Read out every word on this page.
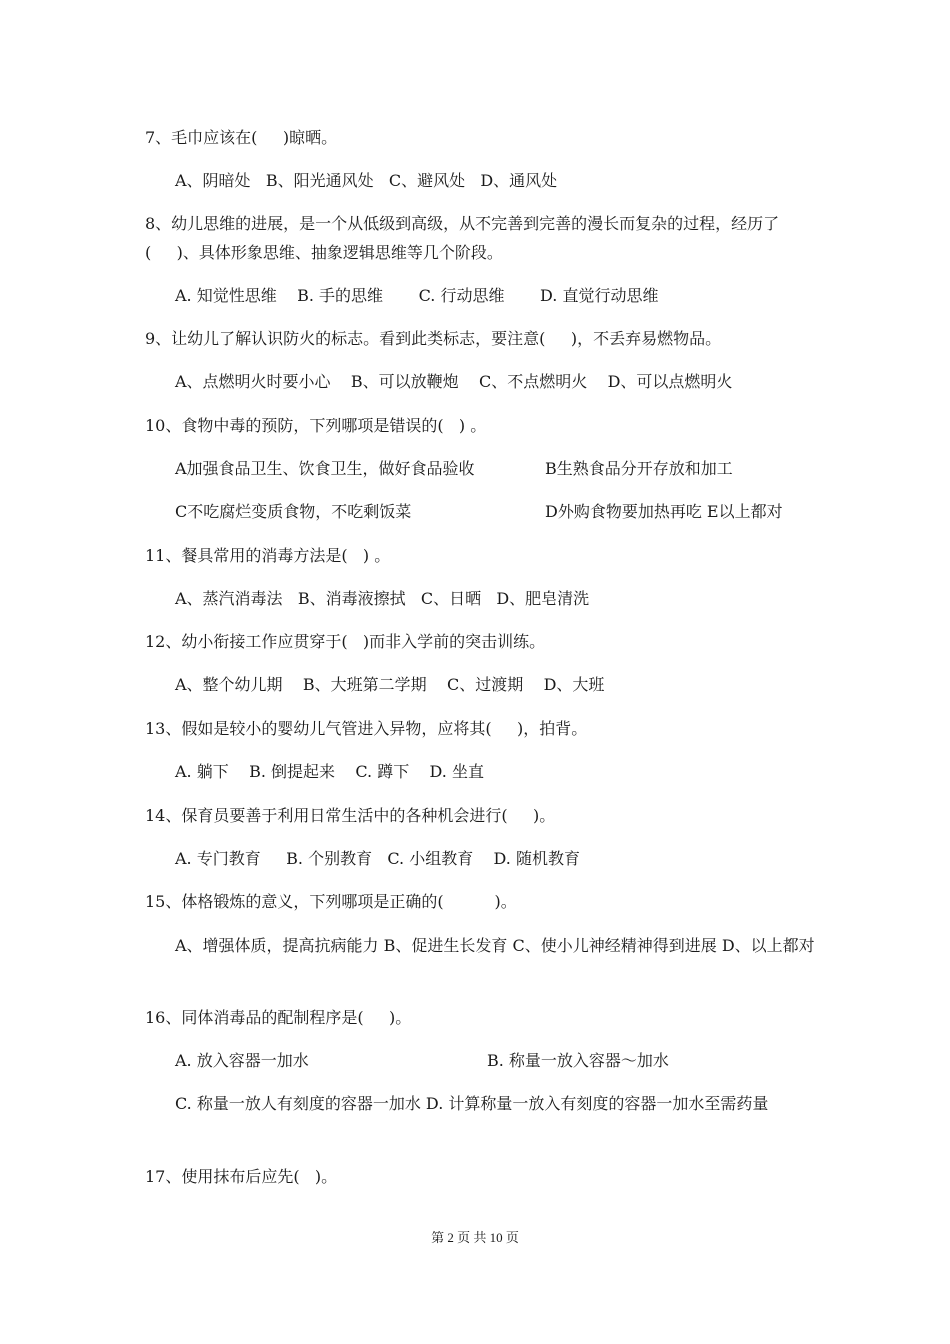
7、毛巾应该在(     )晾晒。
A、阴暗处   B、阳光通风处   C、避风处   D、通风处
8、幼儿思维的进展，是一个从低级到高级，从不完善到完善的漫长而复杂的过程，经历了
(     )、具体形象思维、抽象逻辑思维等几个阶段。
A. 知觉性思维    B. 手的思维       C. 行动思维       D. 直觉行动思维
9、让幼儿了解认识防火的标志。看到此类标志，要注意(     )，不丢弃易燃物品。
A、点燃明火时要小心    B、可以放鞭炮    C、不点燃明火    D、可以点燃明火
10、食物中毒的预防，下列哪项是错误的(   ) 。
A加强食品卫生、饮食卫生，做好食品验收	B生熟食品分开存放和加工
C不吃腐烂变质食物，不吃剩饭菜	D外购食物要加热再吃 E以上都对
11、餐具常用的消毒方法是(   ) 。
A、蒸汽消毒法   B、消毒液擦拭   C、日晒   D、肥皂清洗
12、幼小衔接工作应贯穿于(   )而非入学前的突击训练。
A、整个幼儿期    B、大班第二学期    C、过渡期    D、大班
13、假如是较小的婴幼儿气管进入异物，应将其(     )，拍背。
A. 躺下    B. 倒提起来    C. 蹲下    D. 坐直
14、保育员要善于利用日常生活中的各种机会进行(     )。
A. 专门教育     B. 个别教育   C. 小组教育    D. 随机教育
15、体格锻炼的意义，下列哪项是正确的(          )。
A、增强体质，提高抗病能力 B、促进生长发育 C、使小儿神经精神得到进展 D、以上都对
16、同体消毒品的配制程序是(     )。
A. 放入容器一加水	B. 称量一放入容器～加水
C. 称量一放人有刻度的容器一加水 D. 计算称量一放入有刻度的容器一加水至需药量
17、使用抹布后应先(   )。
第 2 页 共 10 页
